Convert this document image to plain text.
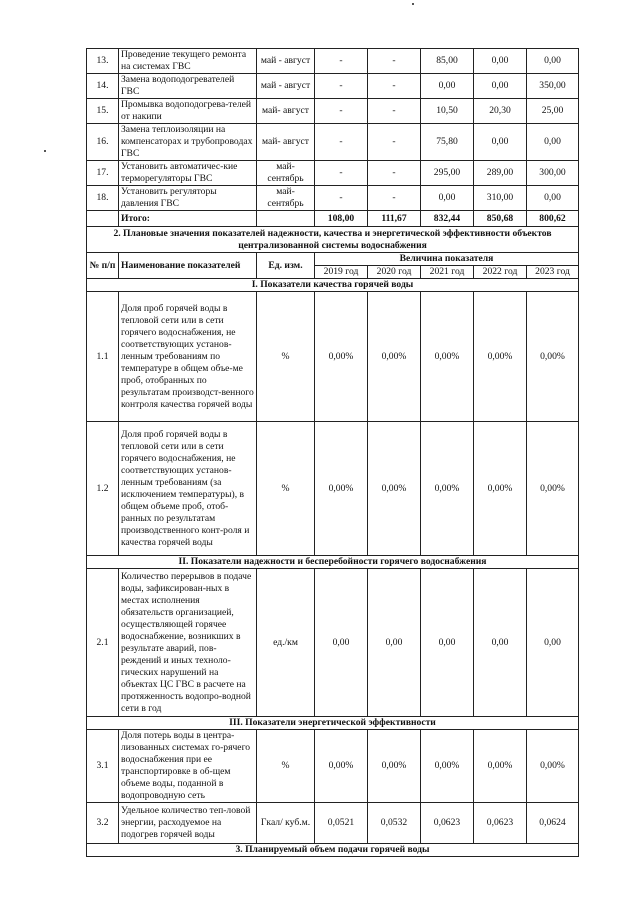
13.	Проведение текущего ремонта на системах ГВС	май - август	-	-	85,00	0,00	0,00
14.	Замена водоподогревателей ГВС	май - август	-	-	0,00	0,00	350,00
15.	Промывка водоподогрева-телей от накипи	май- август	-	-	10,50	20,30	25,00
16.	Замена теплоизоляции на компенсаторах и трубопроводах ГВС	май- август	-	-	75,80	0,00	0,00
17.	Установить автоматичес-кие терморегуляторы ГВС	май- сентябрь	-	-	295,00	289,00	300,00
18.	Установить регуляторы давления ГВС	май- сентябрь	-	-	0,00	310,00	0,00
	Итого:		108,00	111,67	832,44	850,68	800,62
2. Плановые значения показателей надежности, качества и энергетической эффективности объектов централизованной системы водоснабжения							
№ п/п	Наименование показателей	Ед. изм.	Величина показателя				
			2019 год	2020 год	2021 год	2022 год	2023 год
I. Показатели качества горячей воды							
1.1	Доля проб горячей воды в тепловой сети или в сети горячего водоснабжения, не соответствующих установ-ленным требованиям по температуре в общем объе-ме проб, отобранных по результатам производст-венного контроля качества горячей воды	%	0,00%	0,00%	0,00%	0,00%	0,00%
1.2	Доля проб горячей воды в тепловой сети или в сети горячего водоснабжения, не соответствующих установ-ленным требованиям (за исключением температуры), в общем объеме проб, отоб-ранных по результатам производственного конт-роля и качества горячей воды	%	0,00%	0,00%	0,00%	0,00%	0,00%
II. Показатели надежности и бесперебойности горячего водоснабжения							
2.1	Количество перерывов в подаче воды, зафиксирован-ных в местах исполнения обязательств организацией, осуществляющей горячее водоснабжение, возникших в результате аварий, пов-реждений и иных техноло-гических нарушений на объектах ЦС ГВС в расчете на протяженность водопро-водной сети в год	ед./км	0,00	0,00	0,00	0,00	0,00
III. Показатели энергетической эффективности							
3.1	Доля потерь воды в центра-лизованных системах го-рячего водоснабжения при ее транспортировке в об-щем объеме воды, поданной в водопроводную сеть	%	0,00%	0,00%	0,00%	0,00%	0,00%
3.2	Удельное количество теп-ловой энергии, расходуемое на подогрев горячей воды	Гкал/ куб.м.	0,0521	0,0532	0,0623	0,0623	0,0624
3. Планируемый объем подачи горячей воды							
